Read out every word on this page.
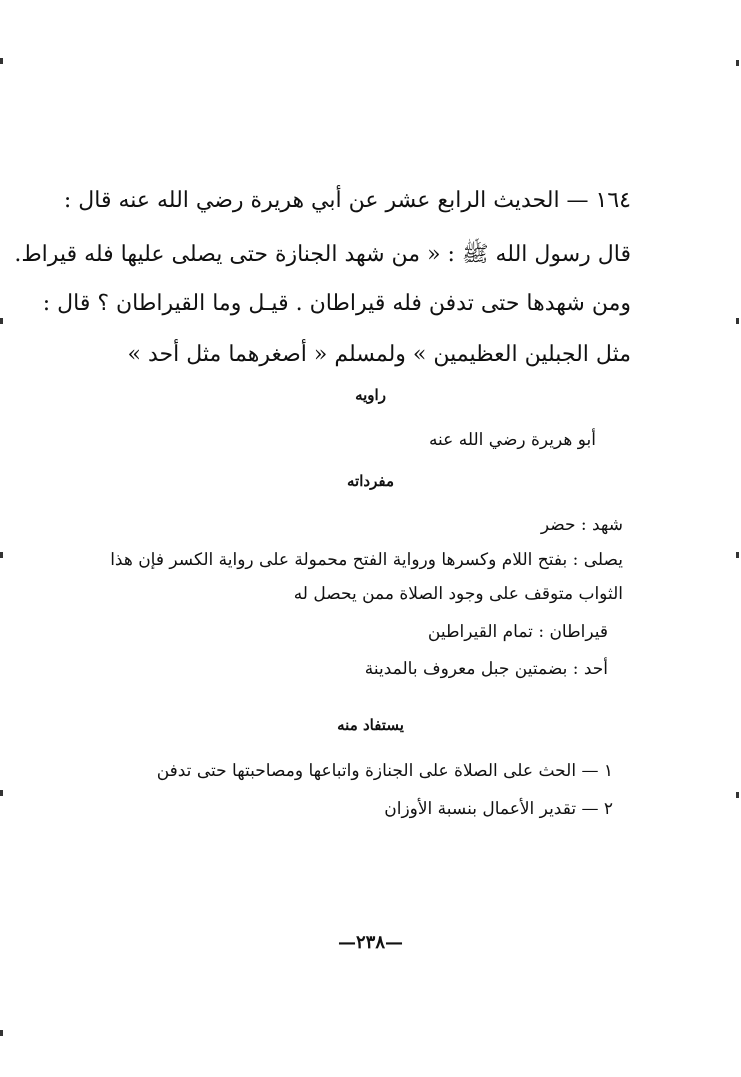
١٦٤ — الحديث الرابع عشر عن أبي هريرة رضي الله عنه قال :
قال رسول الله ﷺ : « من شهد الجنازة حتى يصلى عليها فله قيراط.
ومن شهدها حتى تدفن فله قيراطان . قيـل وما القيراطان ؟ قال :
مثل الجبلين العظيمين » ولمسلم « أصغرهما مثل أحد »
راويه
أبو هريرة رضي الله عنه
مفرداته
شهد : حضر
يصلى : بفتح اللام وكسرها ورواية الفتح محمولة على رواية الكسر فإن هذا
الثواب متوقف على وجود الصلاة ممن يحصل له
قيراطان : تمام القيراطين
أحد : بضمتين جبل معروف بالمدينة
يستفاد منه
١ — الحث على الصلاة على الجنازة واتباعها ومصاحبتها حتى تدفن
٢ — تقدير الأعمال بنسبة الأوزان
—٢٣٨—
